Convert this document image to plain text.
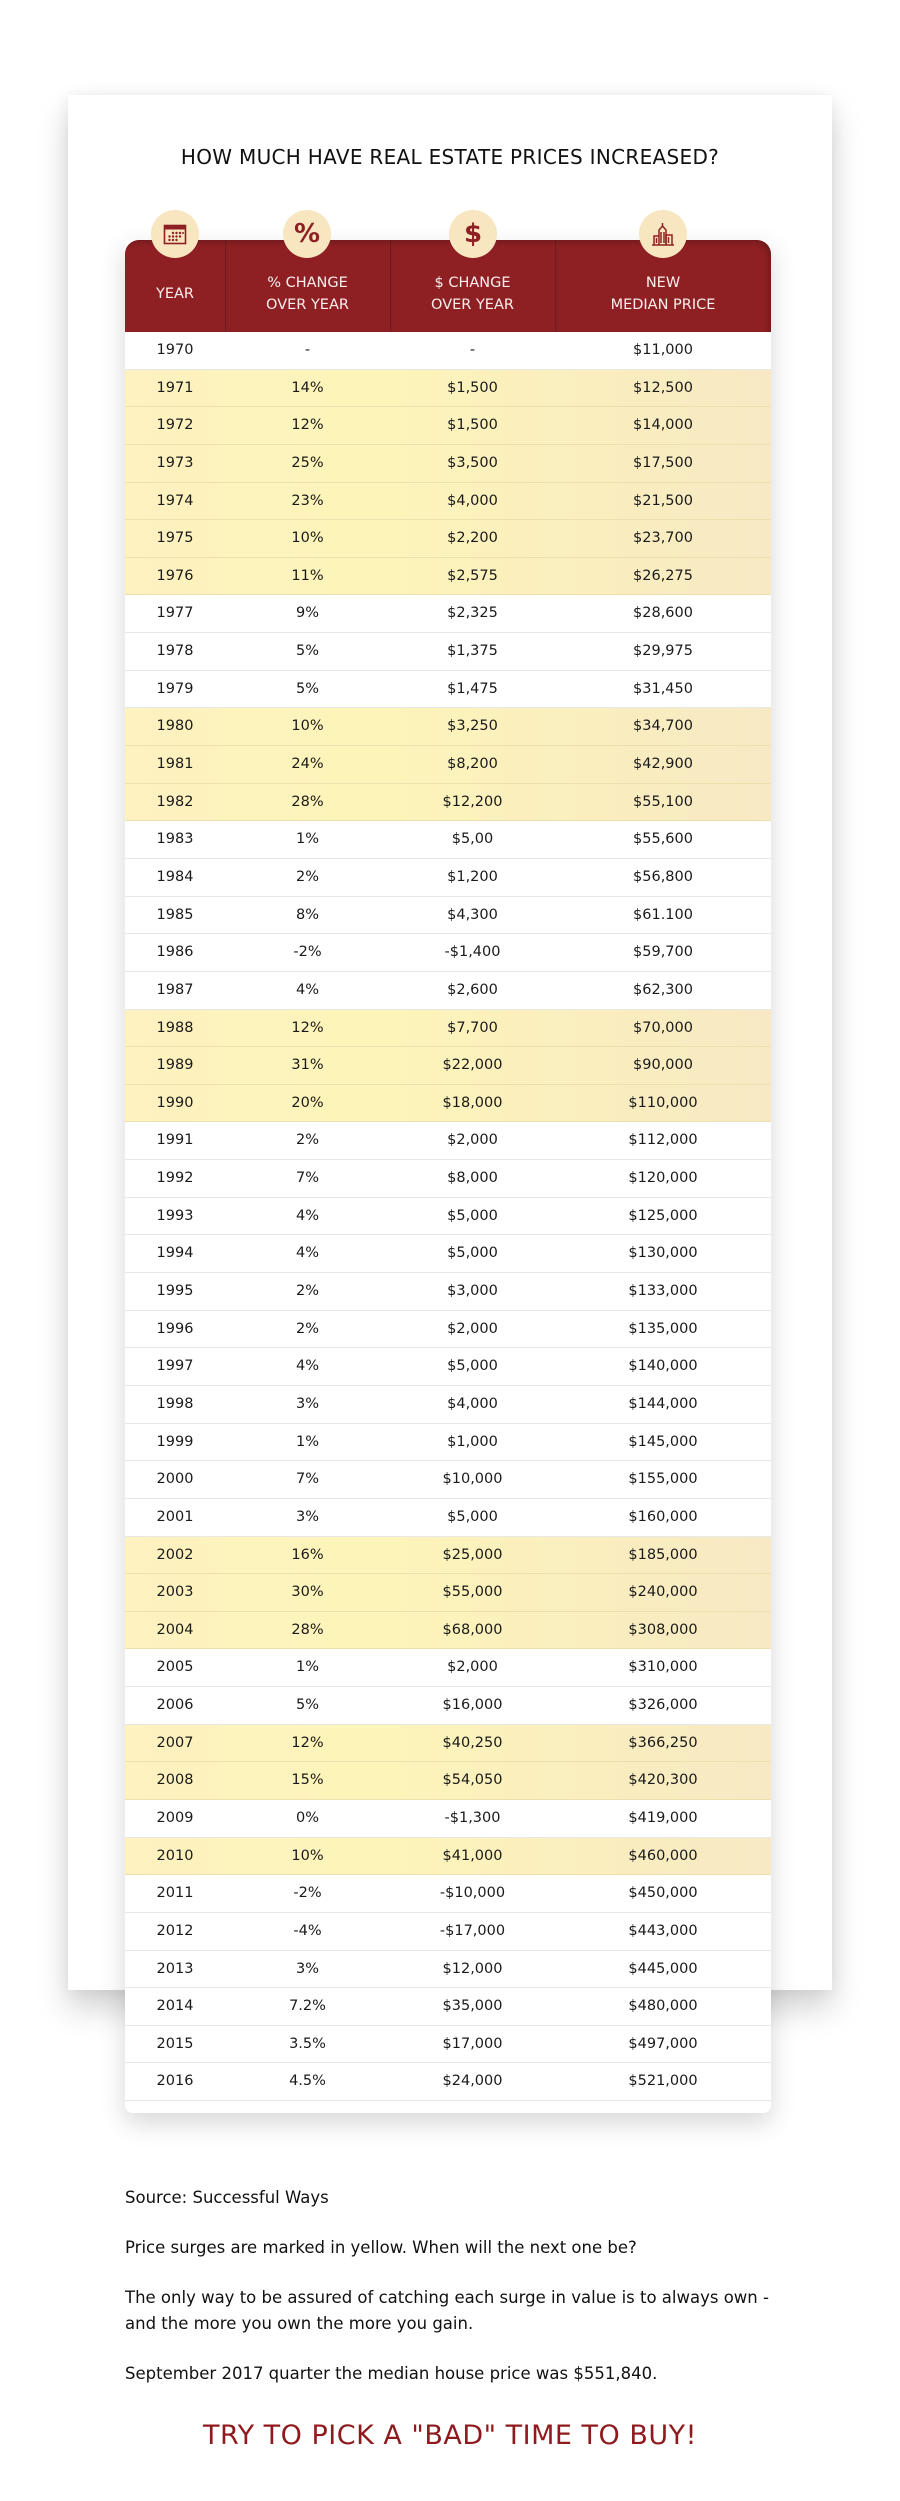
HOW MUCH HAVE REAL ESTATE PRICES INCREASED?
YEAR
% CHANGE
OVER YEAR
$ CHANGE
OVER YEAR
NEW
MEDIAN PRICE
%	$
1970	-	-	$11,000
1971	14%	$1,500	$12,500
1972	12%	$1,500	$14,000
1973	25%	$3,500	$17,500
1974	23%	$4,000	$21,500
1975	10%	$2,200	$23,700
1976	11%	$2,575	$26,275
1977	9%	$2,325	$28,600
1978	5%	$1,375	$29,975
1979	5%	$1,475	$31,450
1980	10%	$3,250	$34,700
1981	24%	$8,200	$42,900
1982	28%	$12,200	$55,100
1983	1%	$5,00	$55,600
1984	2%	$1,200	$56,800
1985	8%	$4,300	$61.100
1986	-2%	-$1,400	$59,700
1987	4%	$2,600	$62,300
1988	12%	$7,700	$70,000
1989	31%	$22,000	$90,000
1990	20%	$18,000	$110,000
1991	2%	$2,000	$112,000
1992	7%	$8,000	$120,000
1993	4%	$5,000	$125,000
1994	4%	$5,000	$130,000
1995	2%	$3,000	$133,000
1996	2%	$2,000	$135,000
1997	4%	$5,000	$140,000
1998	3%	$4,000	$144,000
1999	1%	$1,000	$145,000
2000	7%	$10,000	$155,000
2001	3%	$5,000	$160,000
2002	16%	$25,000	$185,000
2003	30%	$55,000	$240,000
2004	28%	$68,000	$308,000
2005	1%	$2,000	$310,000
2006	5%	$16,000	$326,000
2007	12%	$40,250	$366,250
2008	15%	$54,050	$420,300
2009	0%	-$1,300	$419,000
2010	10%	$41,000	$460,000
2011	-2%	-$10,000	$450,000
2012	-4%	-$17,000	$443,000
2013	3%	$12,000	$445,000
2014	7.2%	$35,000	$480,000
2015	3.5%	$17,000	$497,000
2016	4.5%	$24,000	$521,000

Source: Successful Ways

Price surges are marked in yellow. When will the next one be?

The only way to be assured of catching each surge in value is to always own - and the more you own the more you gain.

September 2017 quarter the median house price was $551,840.

TRY TO PICK A "BAD" TIME TO BUY!
